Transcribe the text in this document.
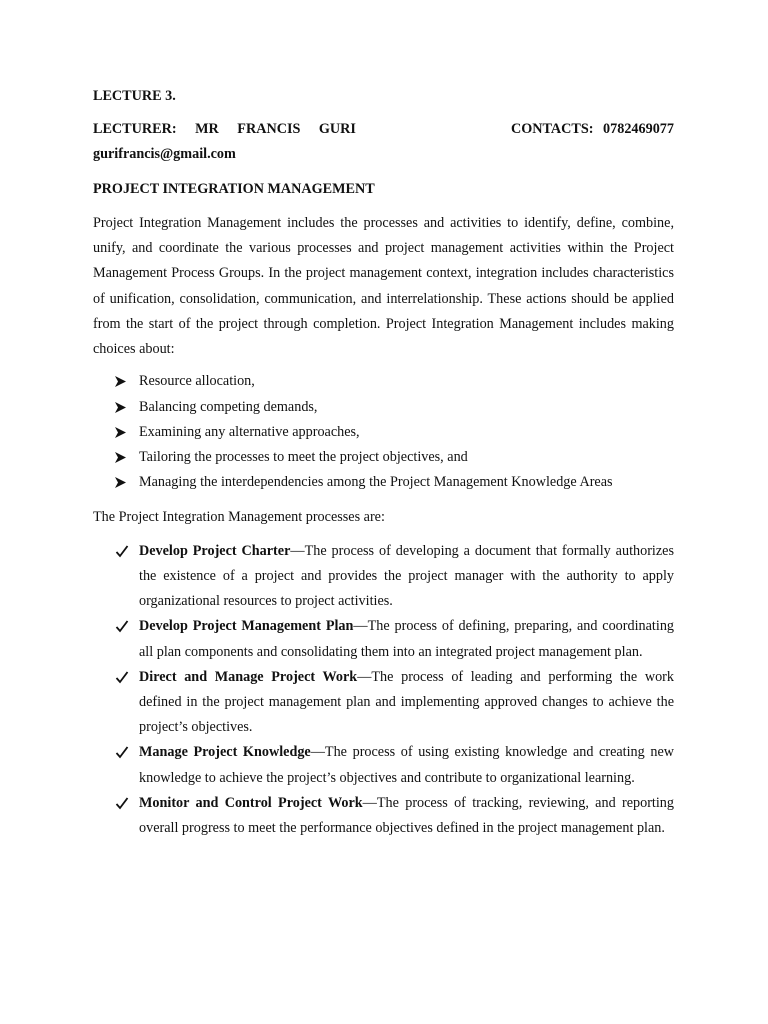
LECTURE 3.
LECTURER: MR FRANCIS GURI	CONTACTS: 0782469077
gurifrancis@gmail.com
PROJECT INTEGRATION MANAGEMENT
Project Integration Management includes the processes and activities to identify, define, combine, unify, and coordinate the various processes and project management activities within the Project Management Process Groups. In the project management context, integration includes characteristics of unification, consolidation, communication, and interrelationship. These actions should be applied from the start of the project through completion. Project Integration Management includes making choices about:
Resource allocation,
Balancing competing demands,
Examining any alternative approaches,
Tailoring the processes to meet the project objectives, and
Managing the interdependencies among the Project Management Knowledge Areas
The Project Integration Management processes are:
Develop Project Charter—The process of developing a document that formally authorizes the existence of a project and provides the project manager with the authority to apply organizational resources to project activities.
Develop Project Management Plan—The process of defining, preparing, and coordinating all plan components and consolidating them into an integrated project management plan.
Direct and Manage Project Work—The process of leading and performing the work defined in the project management plan and implementing approved changes to achieve the project’s objectives.
Manage Project Knowledge—The process of using existing knowledge and creating new knowledge to achieve the project’s objectives and contribute to organizational learning.
Monitor and Control Project Work—The process of tracking, reviewing, and reporting overall progress to meet the performance objectives defined in the project management plan.
